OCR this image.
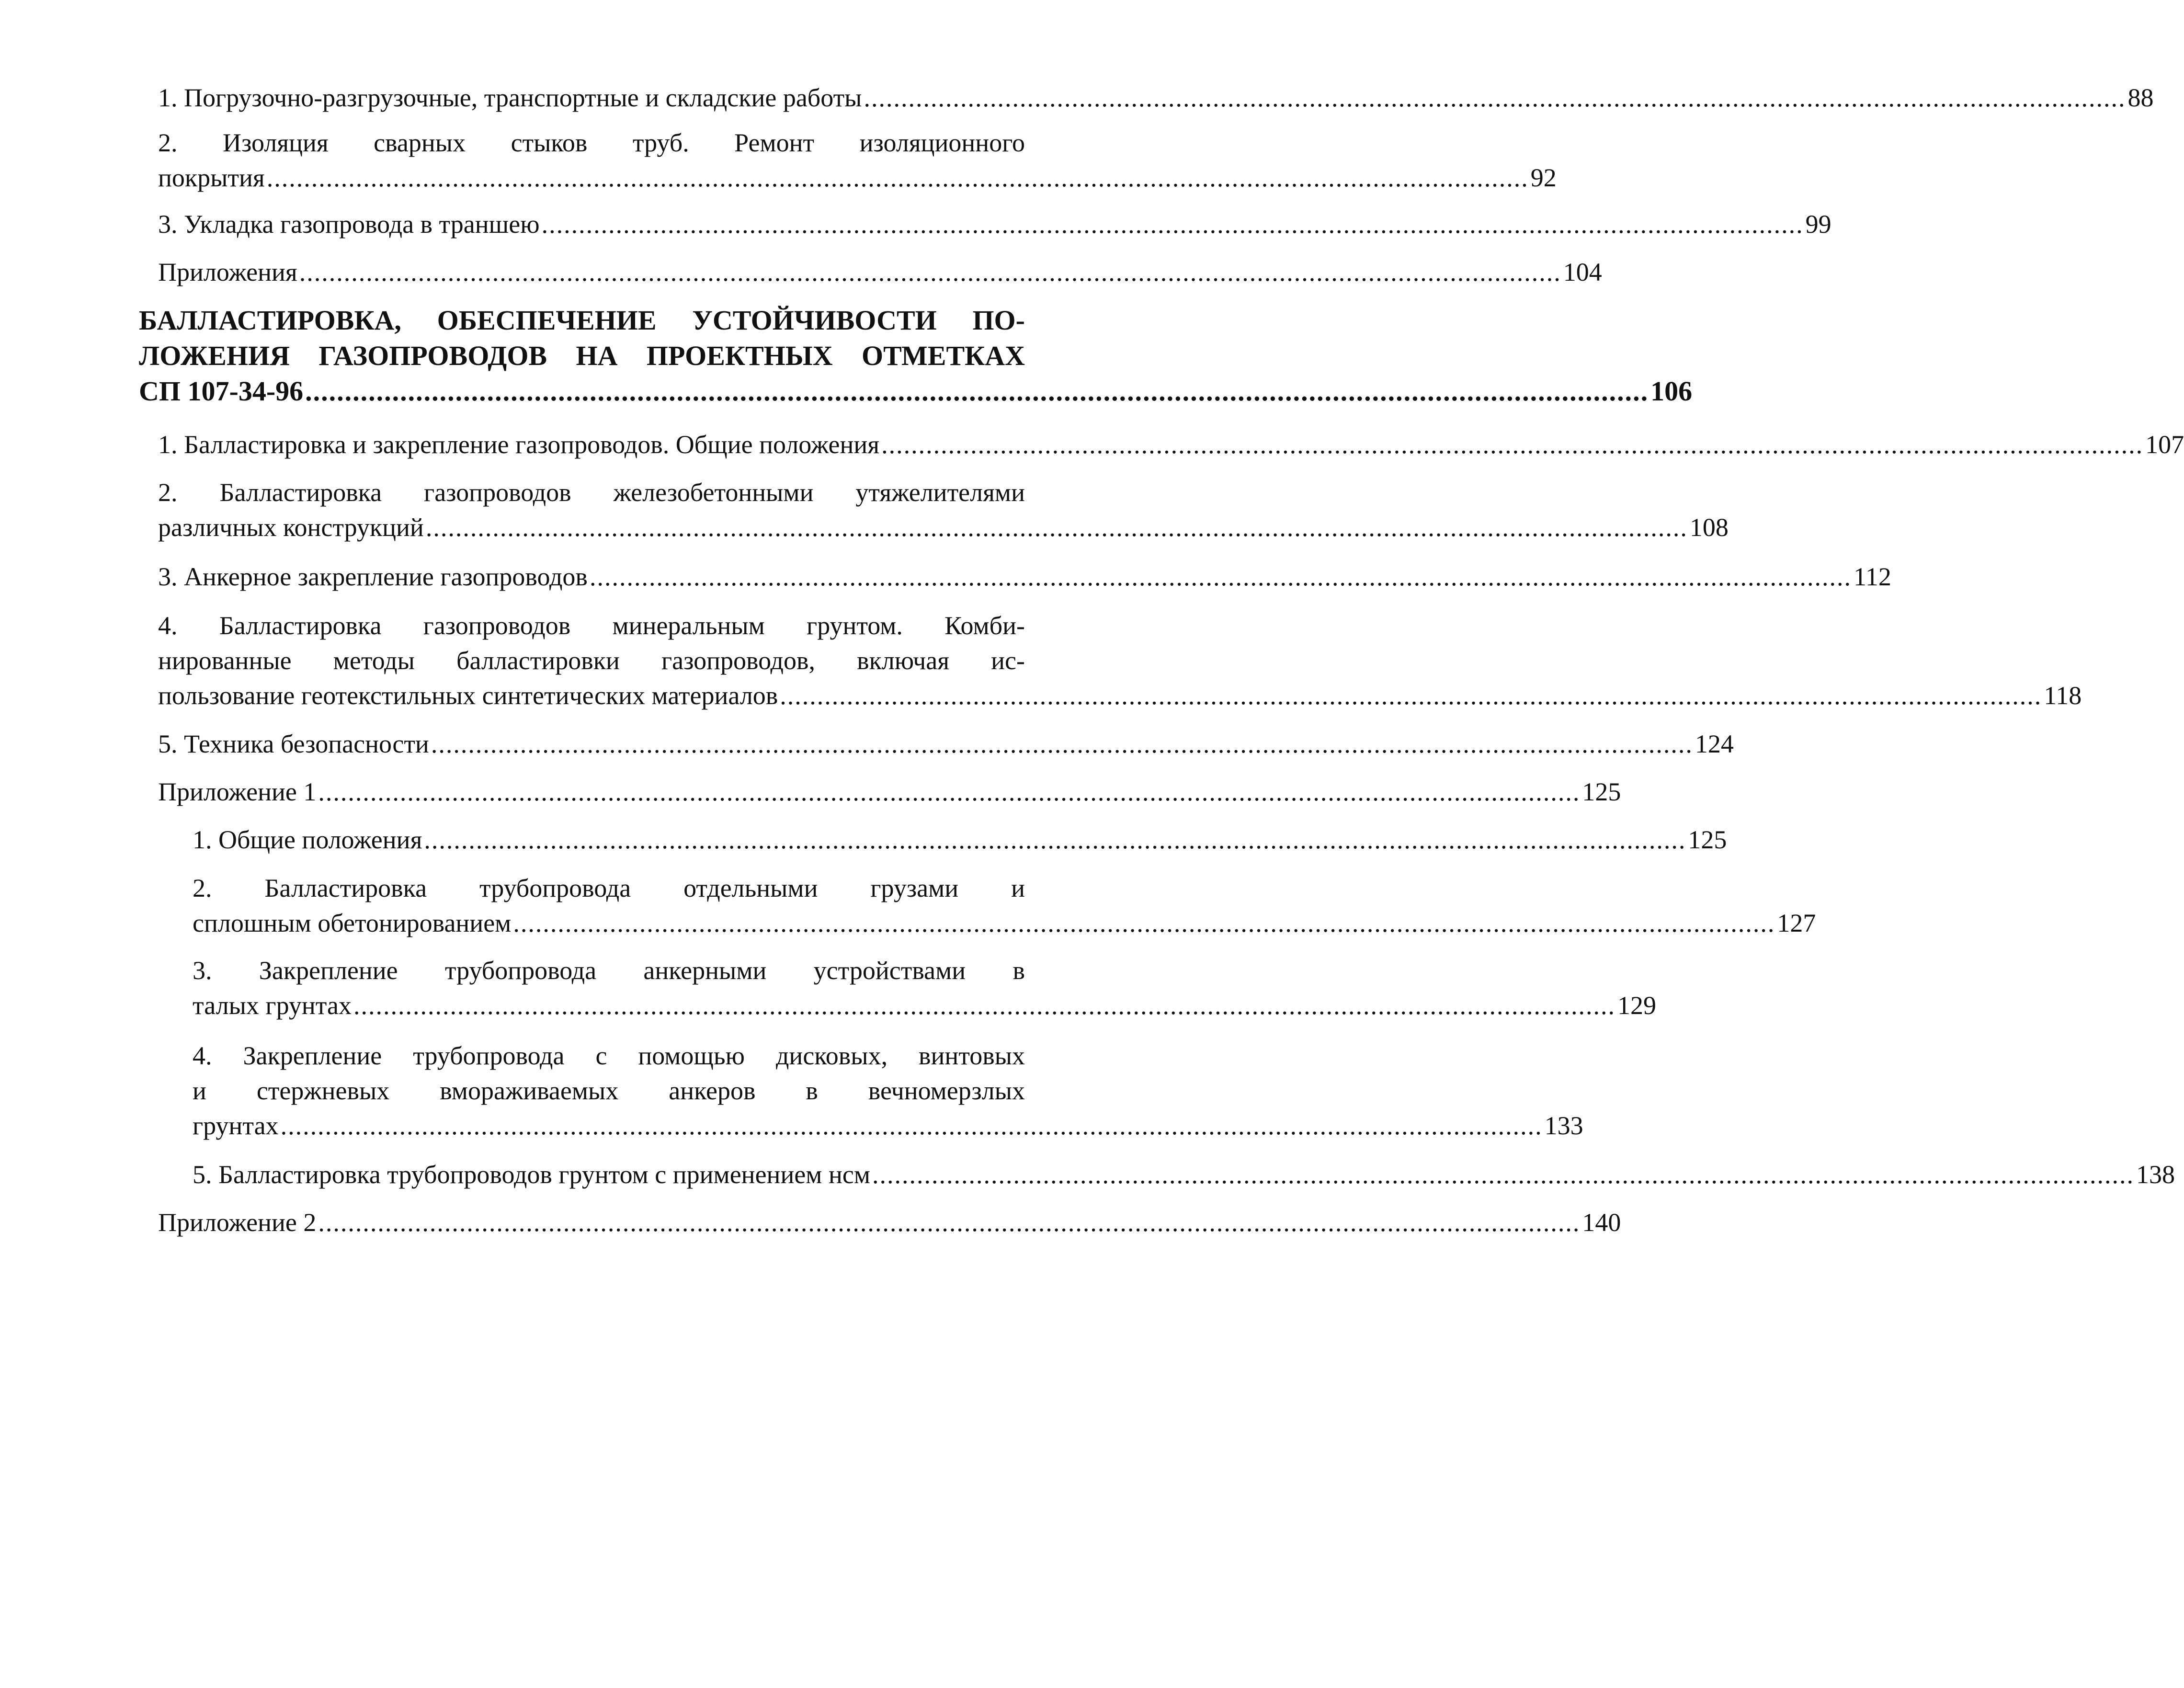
1. Погрузочно-разгрузочные, транспортные и складские работы .......................................................................................................................................................................... 88
2. Изоляция сварных стыков труб. Ремонт изоляционного
покрытия .......................................................................................................................................................................... 92
3. Укладка газопровода в траншею .......................................................................................................................................................................... 99
Приложения .......................................................................................................................................................................... 104
БАЛЛАСТИРОВКА, ОБЕСПЕЧЕНИЕ УСТОЙЧИВОСТИ ПО-
ЛОЖЕНИЯ ГАЗОПРОВОДОВ НА ПРОЕКТНЫХ ОТМЕТКАХ
СП 107-34-96 .......................................................................................................................................................................... 106
1. Балластировка и закрепление газопроводов. Общие положения .......................................................................................................................................................................... 107
2. Балластировка газопроводов железобетонными утяжелителями
различных конструкций .......................................................................................................................................................................... 108
3. Анкерное закрепление газопроводов .......................................................................................................................................................................... 112
4. Балластировка газопроводов минеральным грунтом. Комби-
нированные методы балластировки газопроводов, включая ис-
пользование геотекстильных синтетических материалов .......................................................................................................................................................................... 118
5. Техника безопасности .......................................................................................................................................................................... 124
Приложение 1 .......................................................................................................................................................................... 125
1. Общие положения .......................................................................................................................................................................... 125
2. Балластировка трубопровода отдельными грузами и
сплошным обетонированием .......................................................................................................................................................................... 127
3. Закрепление трубопровода анкерными устройствами в
талых грунтах .......................................................................................................................................................................... 129
4. Закрепление трубопровода с помощью дисковых, винтовых
и стержневых вмораживаемых анкеров в вечномерзлых
грунтах .......................................................................................................................................................................... 133
5. Балластировка трубопроводов грунтом с применением нсм .......................................................................................................................................................................... 138
Приложение 2 .......................................................................................................................................................................... 140
